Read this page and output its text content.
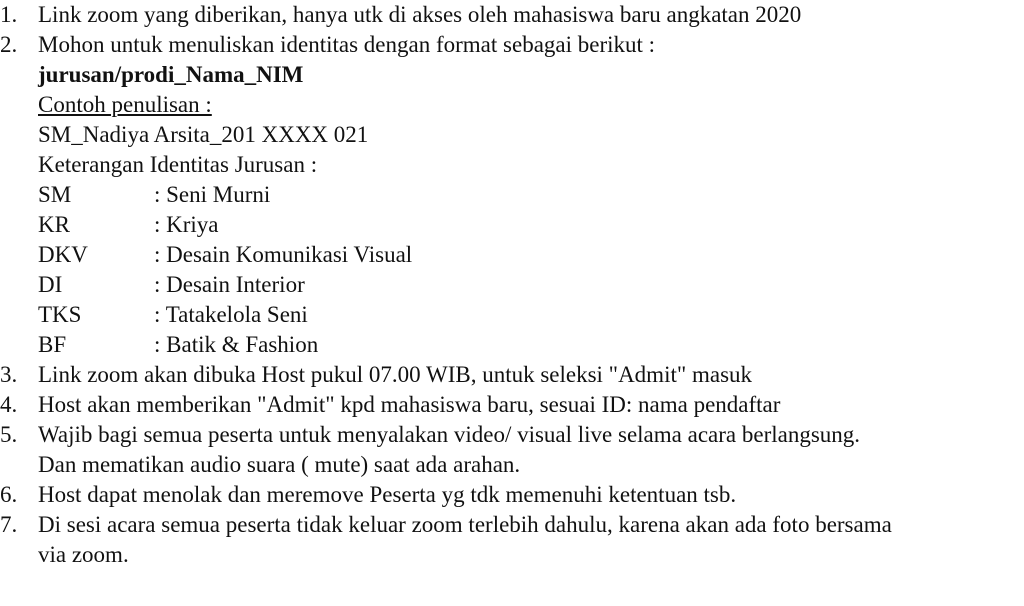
1. Link zoom yang diberikan, hanya utk di akses oleh mahasiswa baru angkatan 2020
2. Mohon untuk menuliskan identitas dengan format sebagai berikut :
jurusan/prodi_Nama_NIM
Contoh penulisan :
SM_Nadiya Arsita_201 XXXX 021
Keterangan Identitas Jurusan :
SM	: Seni Murni
KR	: Kriya
DKV	: Desain Komunikasi Visual
DI	: Desain Interior
TKS	: Tatakelola Seni
BF	: Batik & Fashion
3. Link zoom akan dibuka Host pukul 07.00 WIB, untuk seleksi "Admit" masuk
4. Host akan memberikan "Admit" kpd mahasiswa baru, sesuai ID: nama pendaftar
5. Wajib bagi semua peserta untuk menyalakan video/ visual live selama acara berlangsung.
Dan mematikan audio suara ( mute) saat ada arahan.
6. Host dapat menolak dan meremove Peserta yg tdk memenuhi ketentuan tsb.
7. Di sesi acara semua peserta tidak keluar zoom terlebih dahulu, karena akan ada foto bersama
via zoom.
